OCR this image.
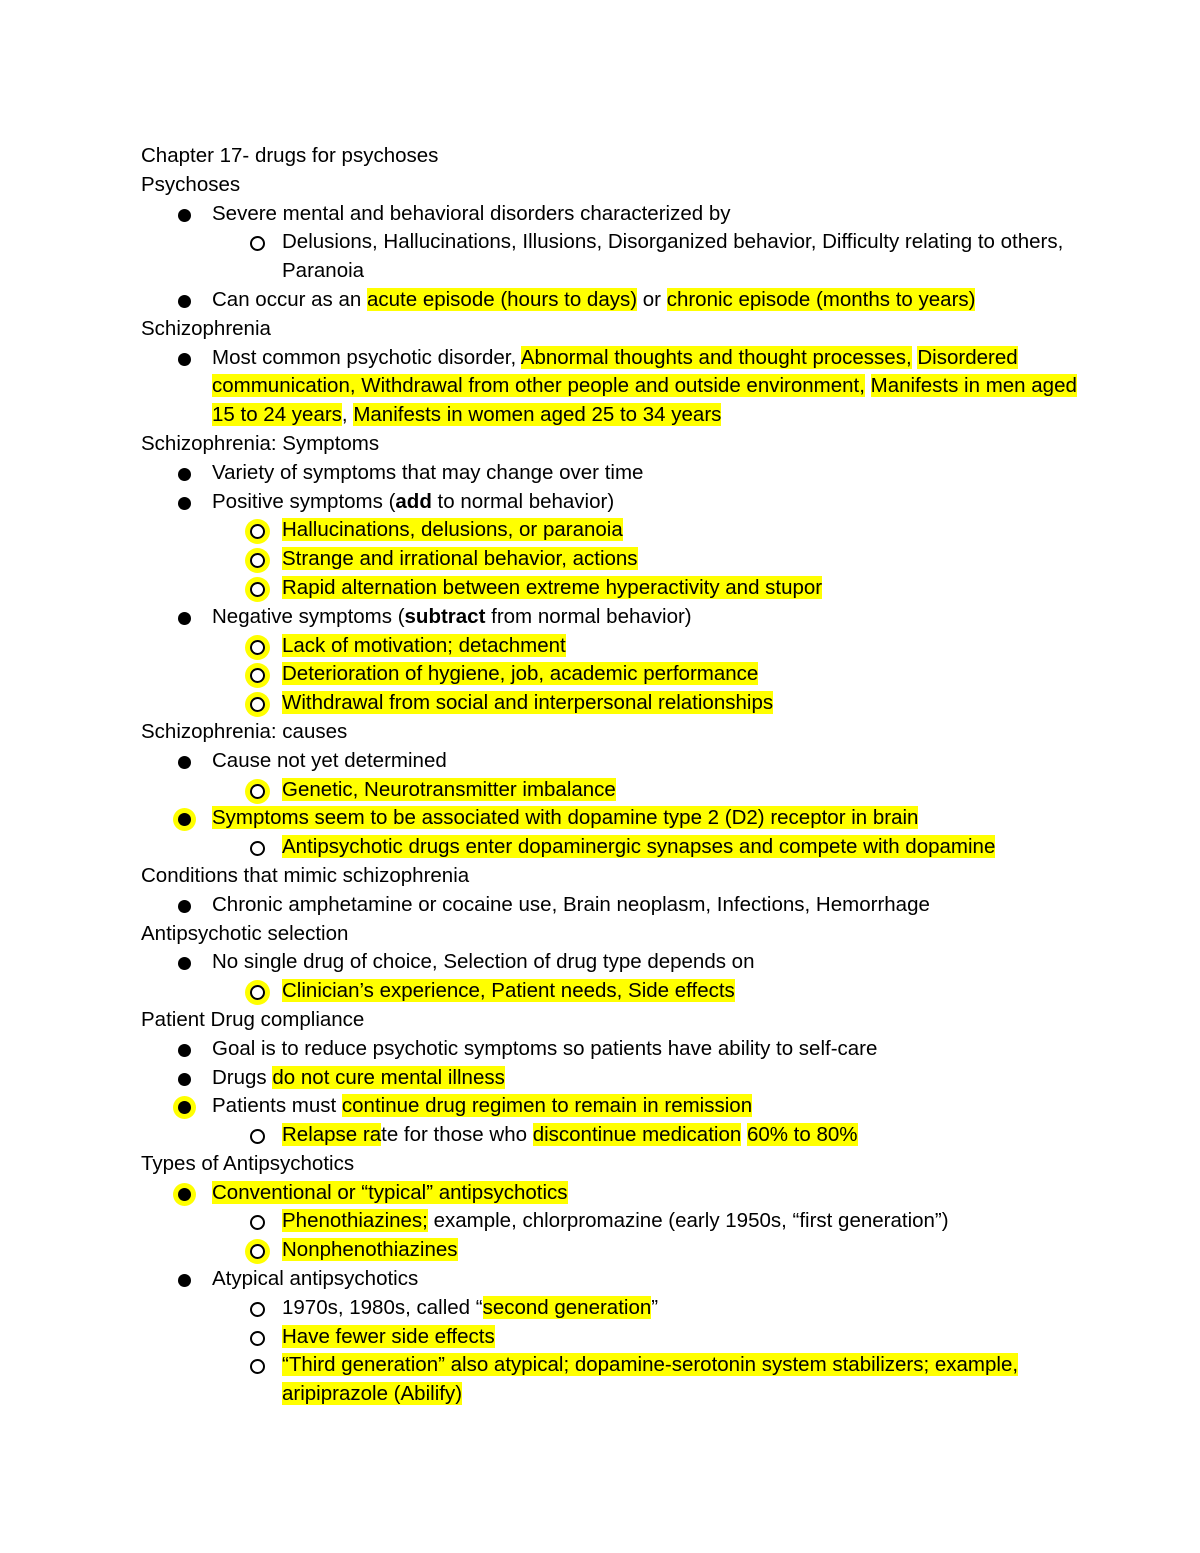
Chapter 17- drugs for psychoses
Psychoses
Severe mental and behavioral disorders characterized by
Delusions, Hallucinations, Illusions, Disorganized behavior, Difficulty relating to others, Paranoia
Can occur as an acute episode (hours to days) or chronic episode (months to years)
Schizophrenia
Most common psychotic disorder, Abnormal thoughts and thought processes, Disordered communication, Withdrawal from other people and outside environment, Manifests in men aged 15 to 24 years, Manifests in women aged 25 to 34 years
Schizophrenia: Symptoms
Variety of symptoms that may change over time
Positive symptoms (add to normal behavior)
Hallucinations, delusions, or paranoia
Strange and irrational behavior, actions
Rapid alternation between extreme hyperactivity and stupor
Negative symptoms (subtract from normal behavior)
Lack of motivation; detachment
Deterioration of hygiene, job, academic performance
Withdrawal from social and interpersonal relationships
Schizophrenia: causes
Cause not yet determined
Genetic, Neurotransmitter imbalance
Symptoms seem to be associated with dopamine type 2 (D2) receptor in brain
Antipsychotic drugs enter dopaminergic synapses and compete with dopamine
Conditions that mimic schizophrenia
Chronic amphetamine or cocaine use, Brain neoplasm, Infections, Hemorrhage
Antipsychotic selection
No single drug of choice, Selection of drug type depends on
Clinician’s experience, Patient needs, Side effects
Patient Drug compliance
Goal is to reduce psychotic symptoms so patients have ability to self-care
Drugs do not cure mental illness
Patients must continue drug regimen to remain in remission
Relapse rate for those who discontinue medication 60% to 80%
Types of Antipsychotics
Conventional or “typical” antipsychotics
Phenothiazines; example, chlorpromazine (early 1950s, “first generation”)
Nonphenothiazines
Atypical antipsychotics
1970s, 1980s, called “second generation”
Have fewer side effects
“Third generation” also atypical; dopamine-serotonin system stabilizers; example, aripiprazole (Abilify)
